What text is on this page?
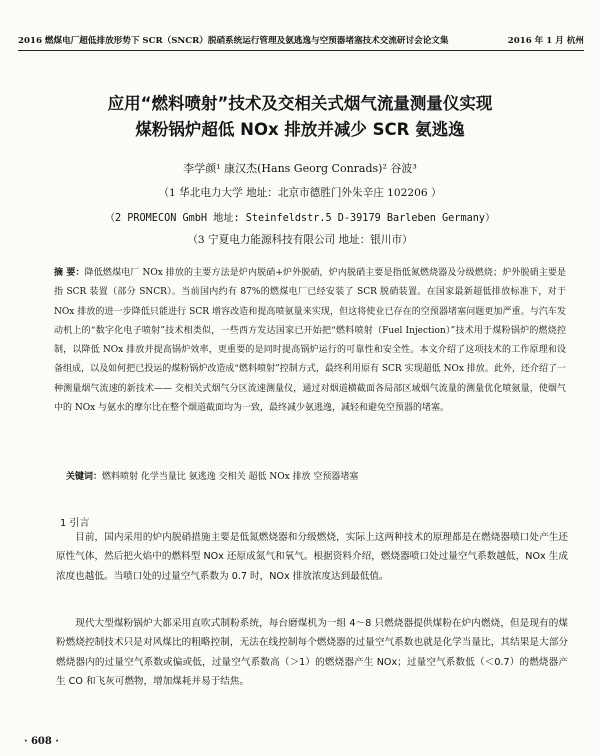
2016 燃煤电厂超低排放形势下 SCR（SNCR）脱硝系统运行管理及氨逃逸与空预器堵塞技术交流研讨会论文集	2016 年 1 月 杭州
应用“燃料喷射”技术及交相关式烟气流量测量仪实现
煤粉锅炉超低 NOx 排放并减少 SCR 氨逃逸
李学颜¹ 康汉杰(Hans Georg Conrads)² 谷波³
（1 华北电力大学 地址：北京市德胜门外朱辛庄 102206 ）
（2 PROMECON GmbH 地址: Steinfeldstr.5 D-39179 Barleben Germany）
（3 宁夏电力能源科技有限公司 地址：银川市）

摘 要：降低燃煤电厂 NOx 排放的主要方法是炉内脱硝+炉外脱硝，炉内脱硝主要是指低氮燃烧器及分级燃烧；炉外脱硝主要是指 SCR 装置（部分 SNCR）。当前国内约有 87%的燃煤电厂已经安装了 SCR 脱硝装置。在国家最新超低排放标准下，对于 NOx 排放的进一步降低只能进行 SCR 增容改造和提高喷氨量来实现，但这将使业已存在的空预器堵塞问题更加严重。与汽车发动机上的“数字化电子喷射”技术相类似，一些西方发达国家已开始把“燃料喷射（Fuel Injection）”技术用于煤粉锅炉的燃烧控制，以降低 NOx 排放并提高锅炉效率，更重要的是同时提高锅炉运行的可靠性和安全性。本文介绍了这项技术的工作原理和设备组成，以及如何把已投运的煤粉锅炉改造成“燃料喷射”控制方式，最终利用原有 SCR 实现超低 NOx 排放。此外，还介绍了一种测量烟气流速的新技术—— 交相关式烟气分区流速测量仪，通过对烟道横截面各局部区域烟气流量的测量优化喷氨量，使烟气中的 NOx 与氨水的摩尔比在整个烟道截面均为一致，最终减少氨逃逸，减轻和避免空预器的堵塞。

关键词：燃料喷射 化学当量比 氨逃逸 交相关 超低 NOx 排放 空预器堵塞
1 引言

目前，国内采用的炉内脱硝措施主要是低氮燃烧器和分级燃烧，实际上这两种技术的原理都是在燃烧器喷口处产生还原性气体，然后把火焰中的燃料型 NOx 还原成氮气和氧气。根据资料介绍，燃烧器喷口处过量空气系数越低，NOx 生成浓度也越低。当喷口处的过量空气系数为 0.7 时，NOx 排放浓度达到最低值。

现代大型煤粉锅炉大都采用直吹式制粉系统，每台磨煤机为一组 4～8 只燃烧器提供煤粉在炉内燃烧，但是现有的煤粉燃烧控制技术只是对风煤比的粗略控制，无法在线控制每个燃烧器的过量空气系数也就是化学当量比，其结果是大部分燃烧器内的过量空气系数或偏或低，过量空气系数高（＞1）的燃烧器产生 NOx；过量空气系数低（＜0.7）的燃烧器产生 CO 和飞灰可燃物，增加煤耗并易于结焦。

· 608 ·
